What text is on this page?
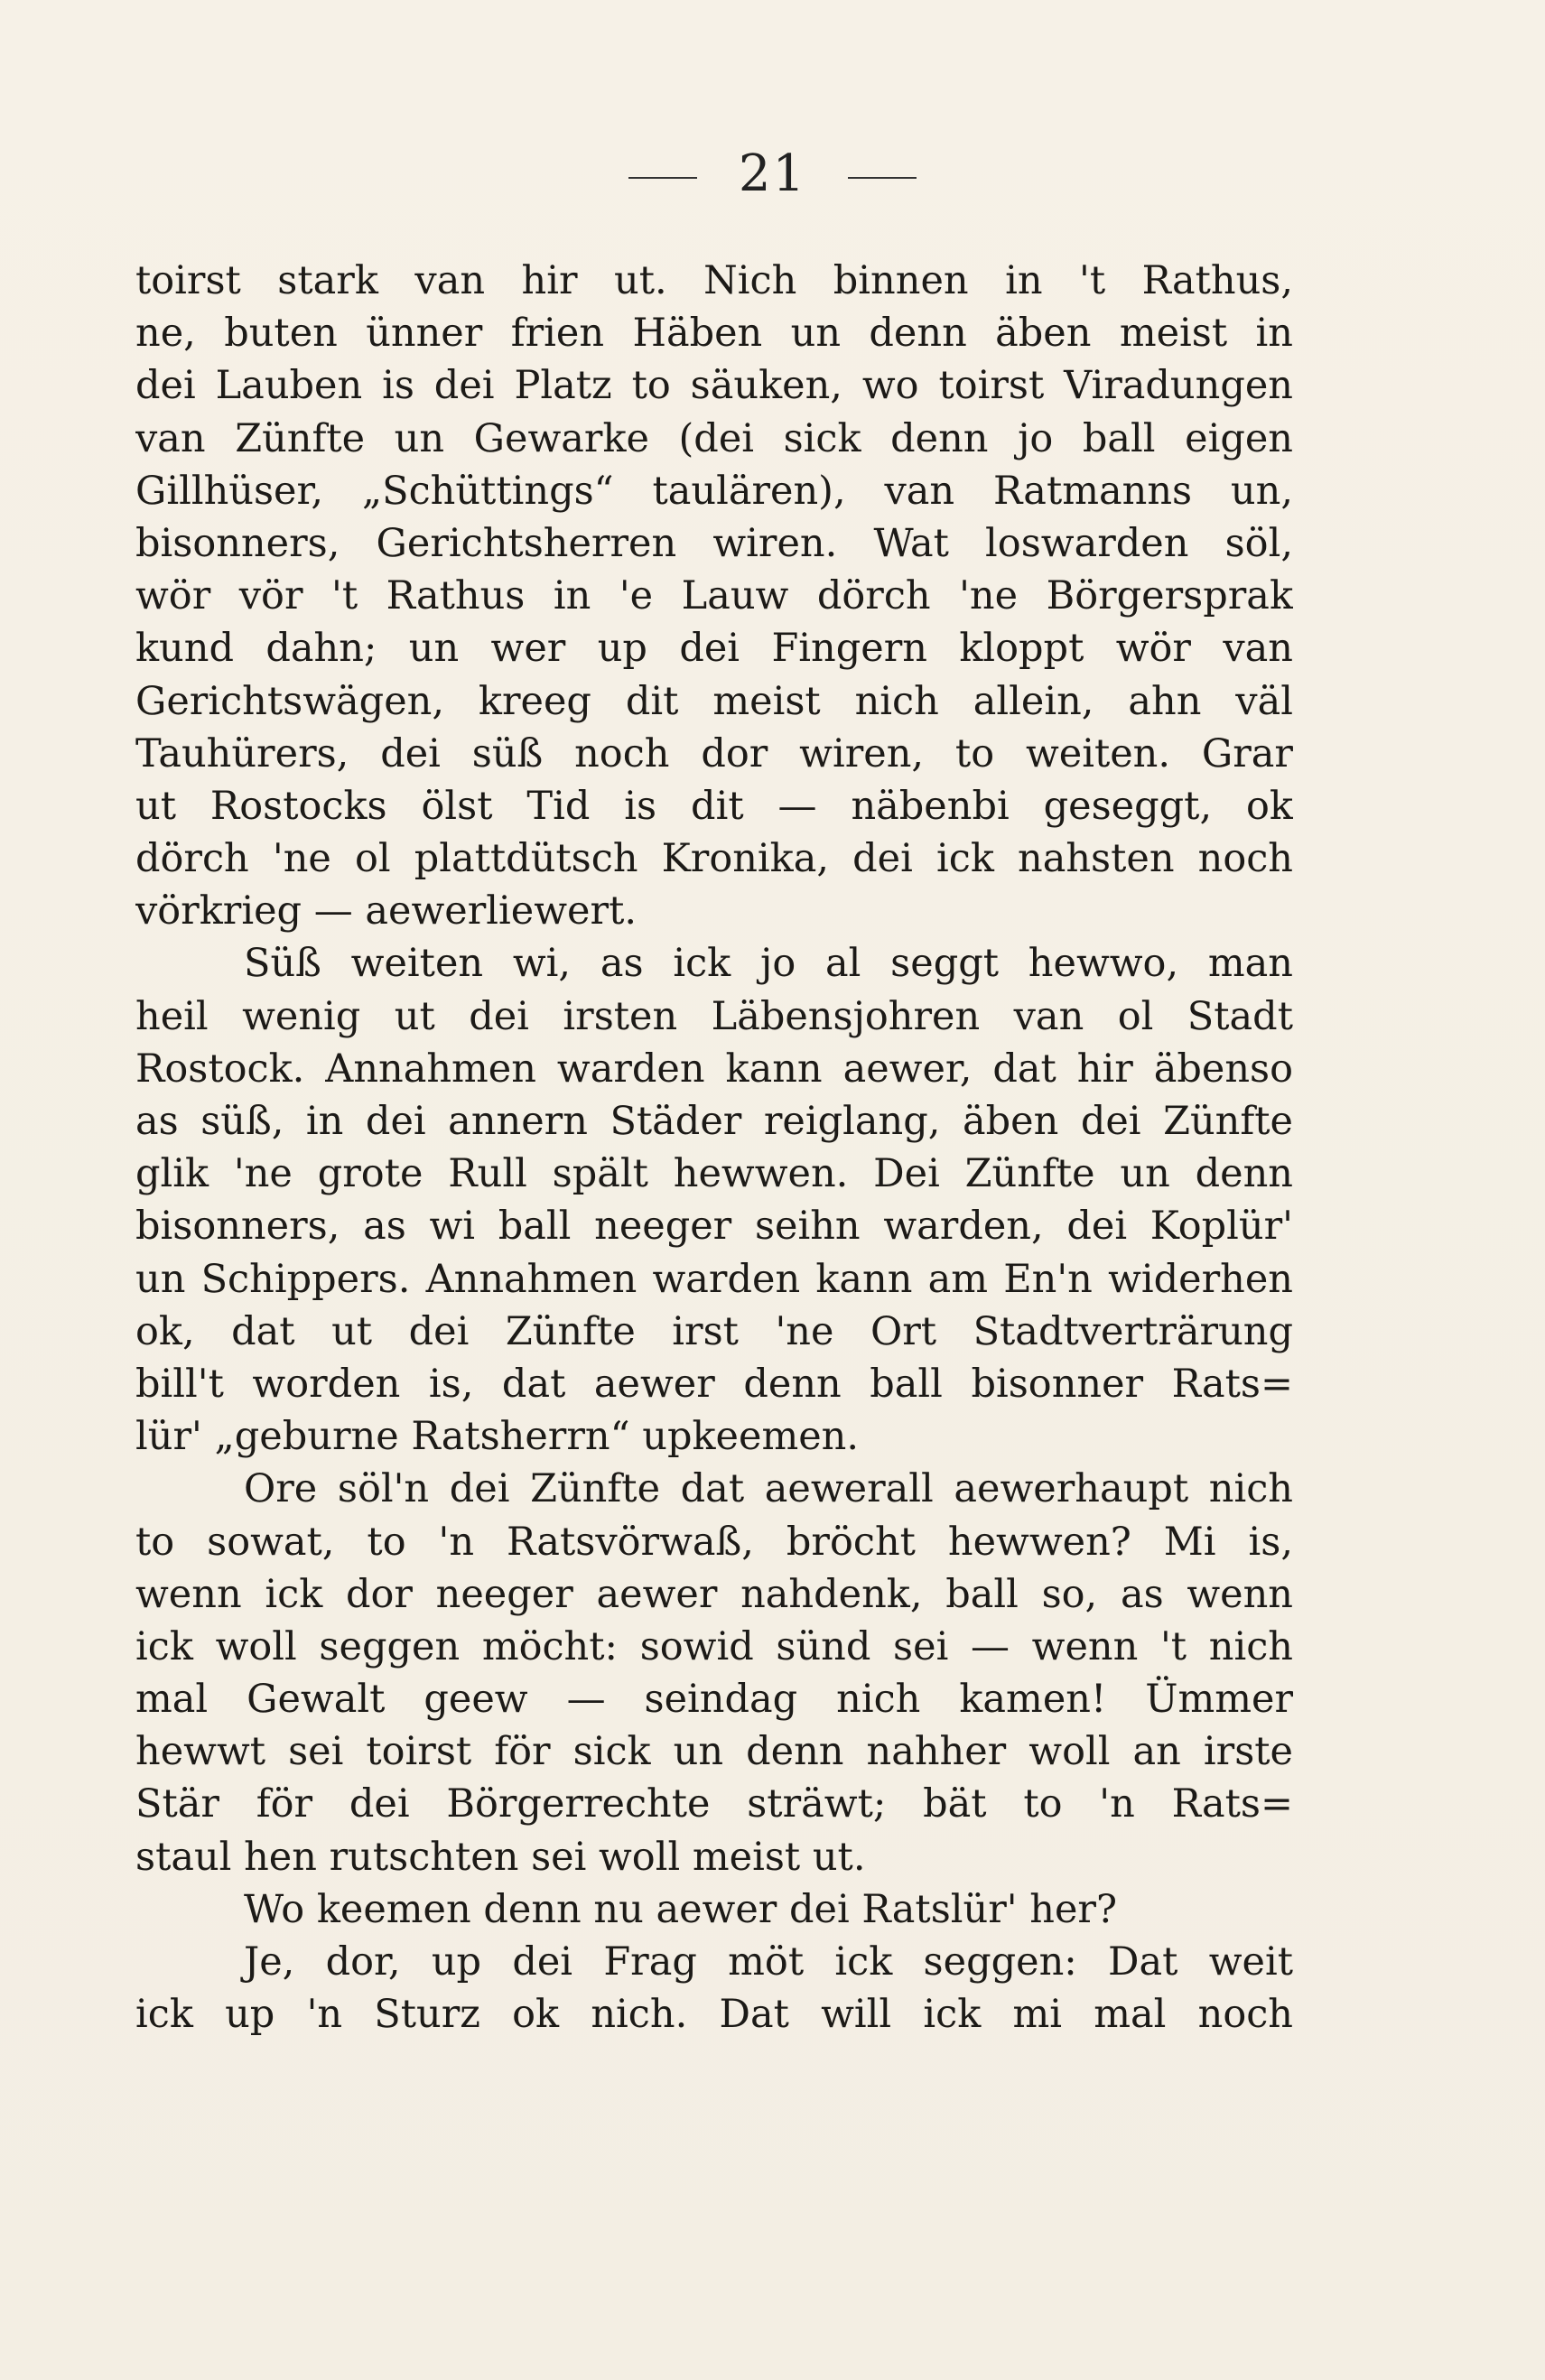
21
toirst stark van hir ut. Nich binnen in 't Rathus,
ne, buten ünner frien Häben un denn äben meist in
dei Lauben is dei Platz to säuken, wo toirst Viradungen
van Zünfte un Gewarke (dei sick denn jo ball eigen
Gillhüser, „Schüttings“ taulären), van Ratmanns un,
bisonners, Gerichtsherren wiren. Wat loswarden söl,
wör vör 't Rathus in 'e Lauw dörch 'ne Börgersprak
kund dahn; un wer up dei Fingern kloppt wör van
Gerichtswägen, kreeg dit meist nich allein, ahn väl
Tauhürers, dei süß noch dor wiren, to weiten. Grar
ut Rostocks ölst Tid is dit — näbenbi geseggt, ok
dörch 'ne ol plattdütsch Kronika, dei ick nahsten noch
vörkrieg — aewerliewert.
Süß weiten wi, as ick jo al seggt hewwo, man
heil wenig ut dei irsten Läbensjohren van ol Stadt
Rostock. Annahmen warden kann aewer, dat hir äbenso
as süß, in dei annern Städer reiglang, äben dei Zünfte
glik 'ne grote Rull spält hewwen. Dei Zünfte un denn
bisonners, as wi ball neeger seihn warden, dei Koplür'
un Schippers. Annahmen warden kann am En'n widerhen
ok, dat ut dei Zünfte irst 'ne Ort Stadtverträrung
bill't worden is, dat aewer denn ball bisonner Rats=
lür' „geburne Ratsherrn“ upkeemen.
Ore söl'n dei Zünfte dat aewerall aewerhaupt nich
to sowat, to 'n Ratsvörwaß, bröcht hewwen? Mi is,
wenn ick dor neeger aewer nahdenk, ball so, as wenn
ick woll seggen möcht: sowid sünd sei — wenn 't nich
mal Gewalt geew — seindag nich kamen! Ümmer
hewwt sei toirst för sick un denn nahher woll an irste
Stär för dei Börgerrechte sträwt; bät to 'n Rats=
staul hen rutschten sei woll meist ut.
Wo keemen denn nu aewer dei Ratslür' her?
Je, dor, up dei Frag möt ick seggen: Dat weit
ick up 'n Sturz ok nich. Dat will ick mi mal noch
